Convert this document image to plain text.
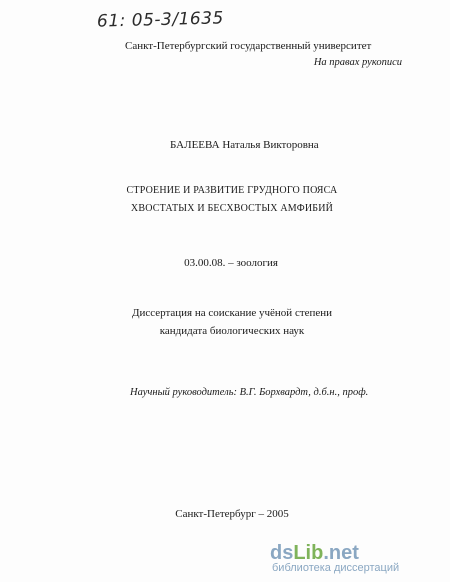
61: 05-3/1635
Санкт-Петербургский государственный университет
На правах рукописи
БАЛЕЕВА Наталья Викторовна
СТРОЕНИЕ И РАЗВИТИЕ ГРУДНОГО ПОЯСА
ХВОСТАТЫХ И БЕСХВОСТЫХ АМФИБИЙ
03.00.08. – зоология
Диссертация на соискание учёной степени
кандидата биологических наук
Научный руководитель: В.Г. Борхвардт, д.б.н., проф.
Санкт-Петербург – 2005
dsLib.net
библиотека диссертаций
